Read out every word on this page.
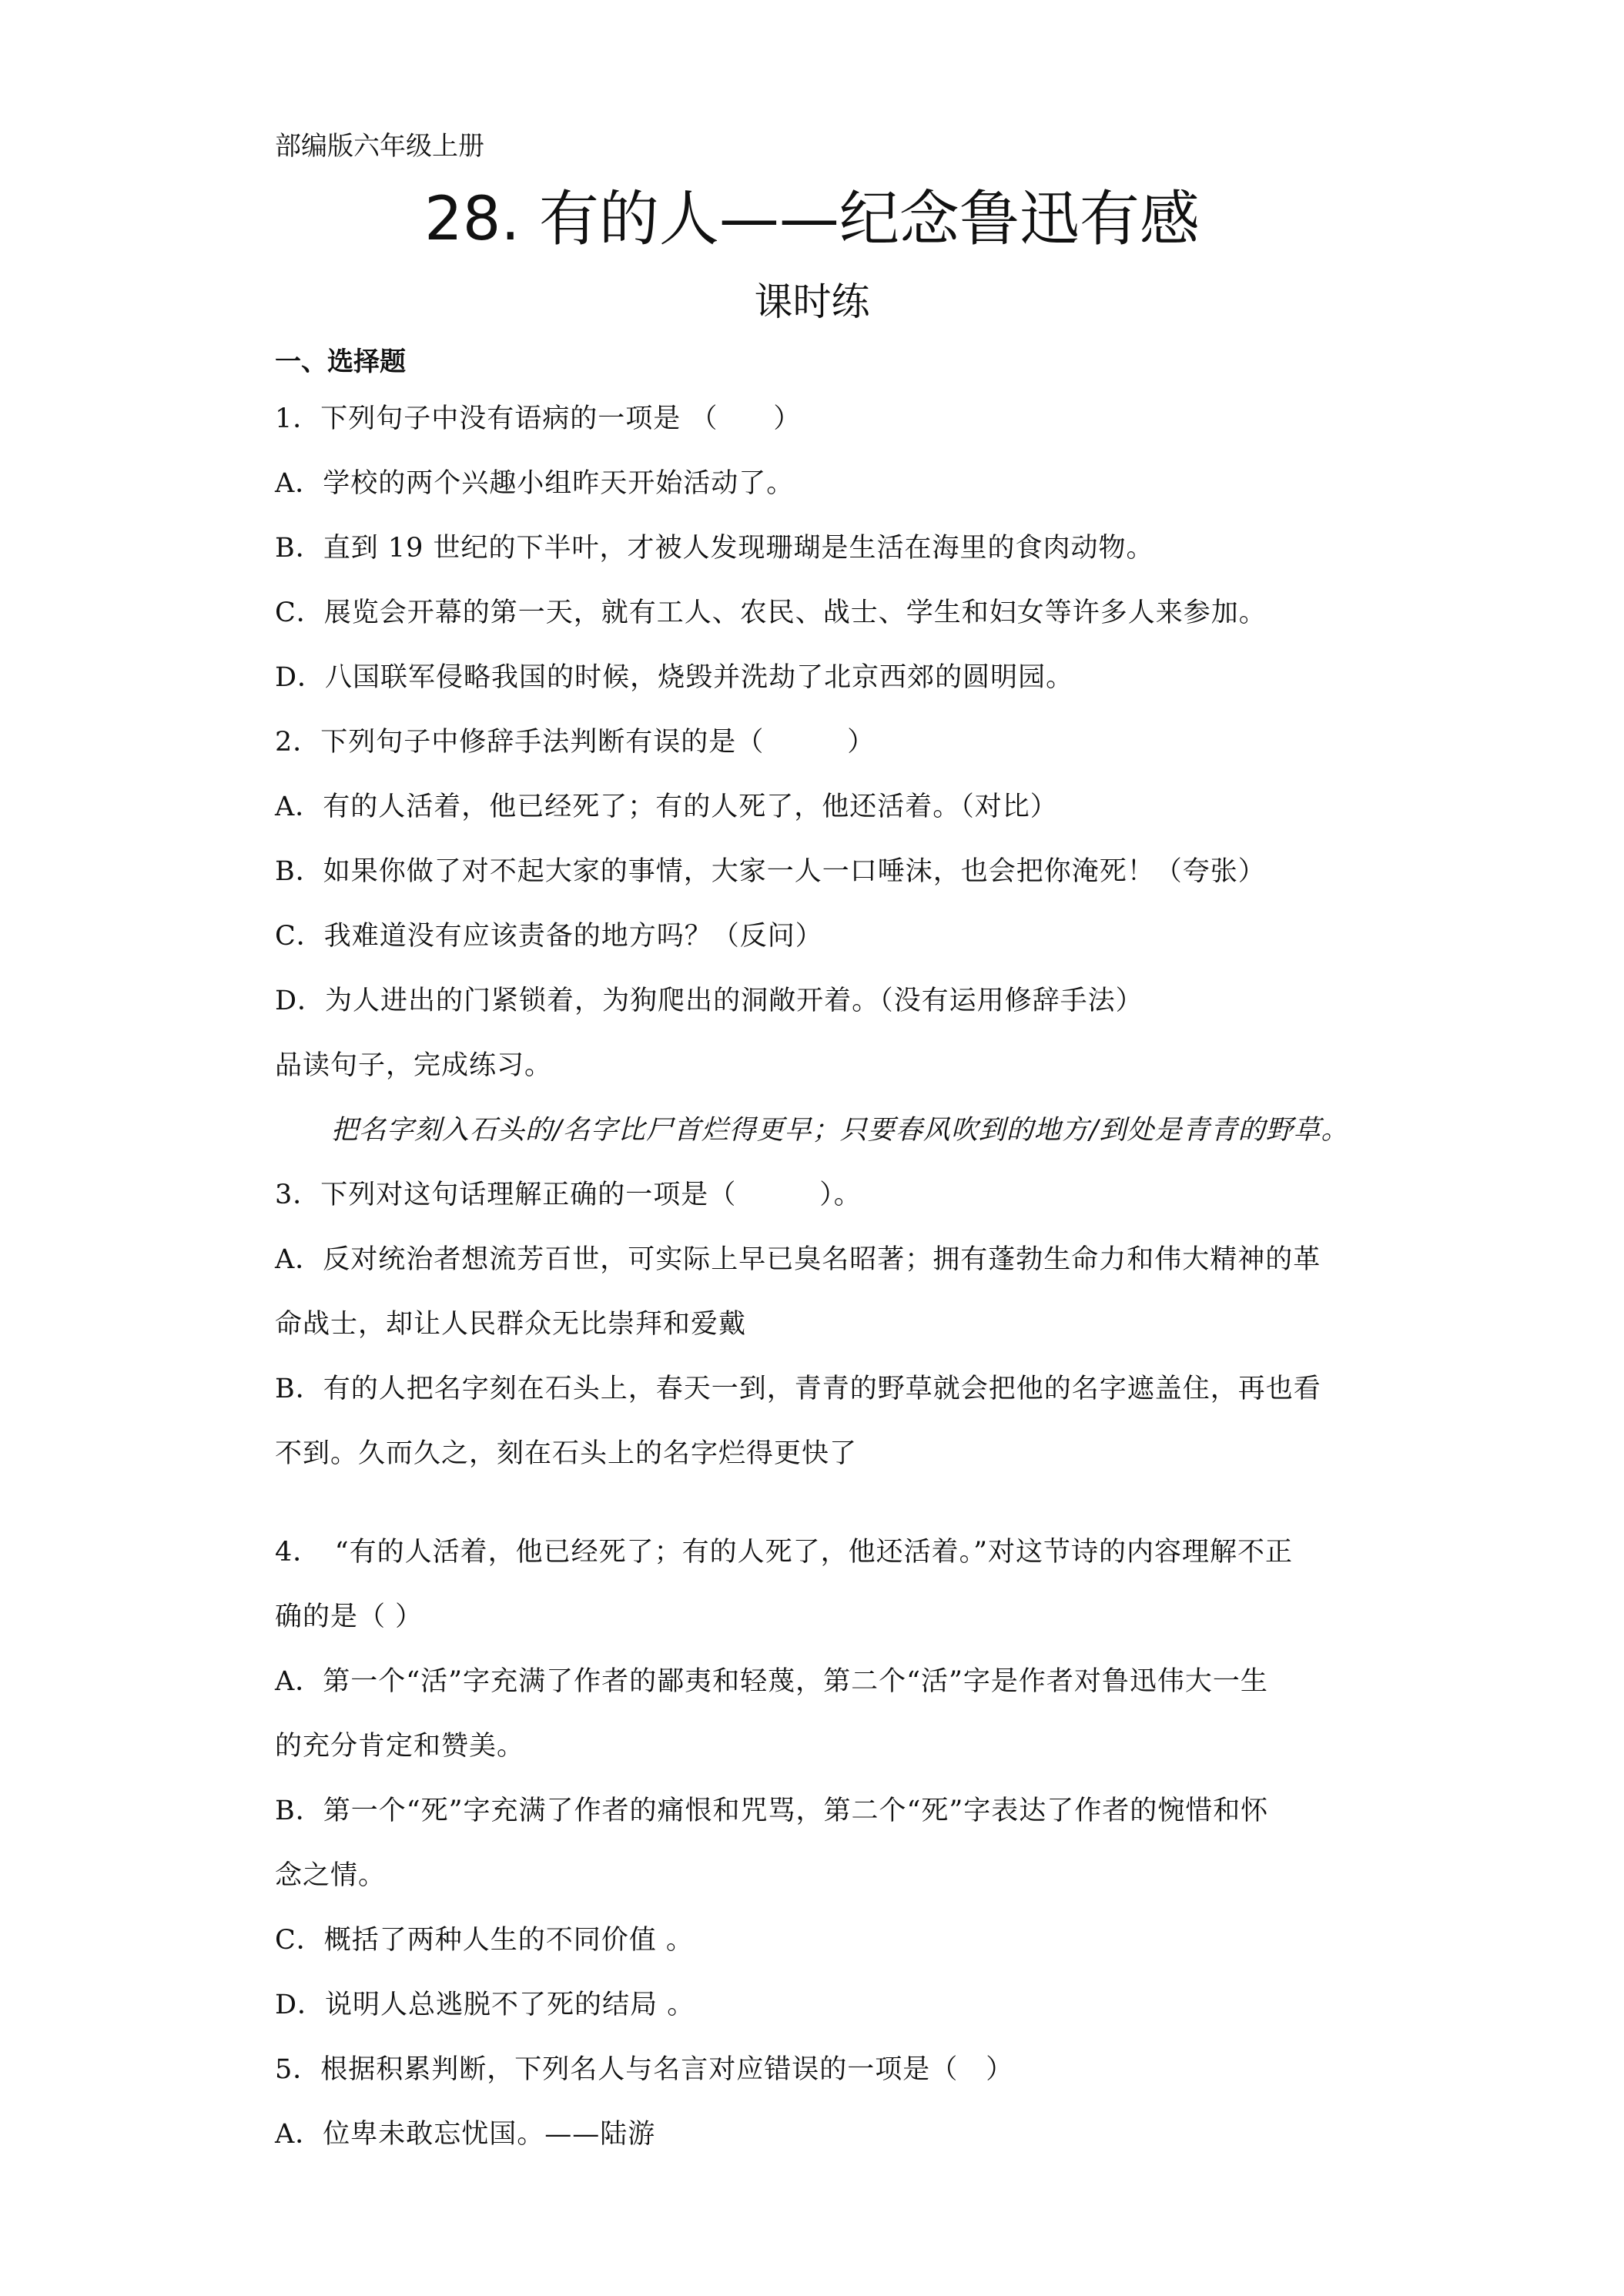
部编版六年级上册
28. 有的人——纪念鲁迅有感
课时练
一、选择题
1．下列句子中没有语病的一项是 （　　）
A．学校的两个兴趣小组昨天开始活动了。
B．直到 19 世纪的下半叶，才被人发现珊瑚是生活在海里的食肉动物。
C．展览会开幕的第一天，就有工人、农民、战士、学生和妇女等许多人来参加。
D．八国联军侵略我国的时候，烧毁并洗劫了北京西郊的圆明园。
2．下列句子中修辞手法判断有误的是（　　　）
A．有的人活着，他已经死了；有的人死了，他还活着。（对比）
B．如果你做了对不起大家的事情，大家一人一口唾沫，也会把你淹死！（夸张）
C．我难道没有应该责备的地方吗？（反问）
D．为人进出的门紧锁着，为狗爬出的洞敞开着。（没有运用修辞手法）
品读句子，完成练习。
把名字刻入石头的/名字比尸首烂得更早；只要春风吹到的地方/到处是青青的野草。
3．下列对这句话理解正确的一项是（　　　）。
A．反对统治者想流芳百世，可实际上早已臭名昭著；拥有蓬勃生命力和伟大精神的革
命战士，却让人民群众无比崇拜和爱戴
B．有的人把名字刻在石头上，春天一到，青青的野草就会把他的名字遮盖住，再也看
不到。久而久之，刻在石头上的名字烂得更快了
4．　“有的人活着，他已经死了；有的人死了，他还活着。”对这节诗的内容理解不正
确的是（ ）
A．第一个“活”字充满了作者的鄙夷和轻蔑，第二个“活”字是作者对鲁迅伟大一生
的充分肯定和赞美。
B．第一个“死”字充满了作者的痛恨和咒骂，第二个“死”字表达了作者的惋惜和怀
念之情。
C．概括了两种人生的不同价值 。
D．说明人总逃脱不了死的结局 。
5．根据积累判断，下列名人与名言对应错误的一项是（　）
A．位卑未敢忘忧国。——陆游
